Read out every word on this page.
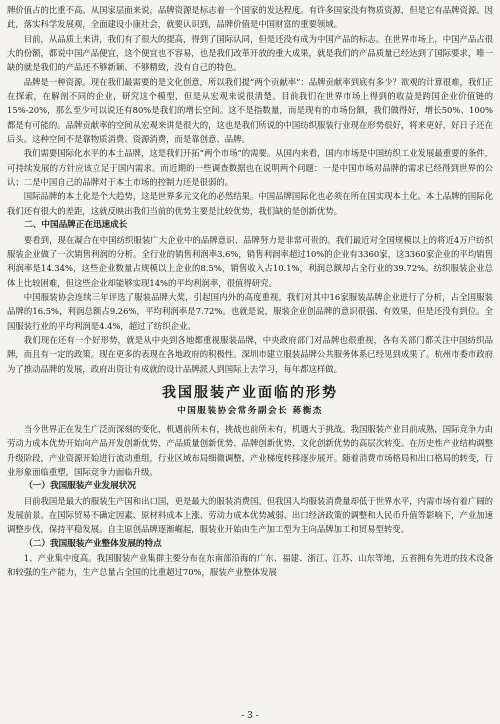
牌价值占的比重不高。从国家层面来说，品牌资源是标志着一个国家的发达程度。有许多国家没有物质资源，但是它有品牌资源。因此，落实科学发展观，全面建设小康社会，就要认识到，品牌价值是中国财富的重要领域。

目前，从品质上来讲，我们有了很大的提高，得到了国际认同，但是还没有成为中国产品的标志。在世界市场上，中国产品占很大的份额，都说中国产品便宜，这个便宜也不容易，也是我们改革开放的重大成果，就是我们的产品质量已经达到了国际要求，唯一缺的就是我们的产品还不够新颖、不够精致，没有自己的特色。

品牌是一种资源。现在我们最需要的是文化创意，所以我们提“两个贡献率”：品牌贡献率到底有多少？欲观的计算很难，我们正在探索，在解剖不同的企业，研究这个模型，但是从宏观来说很清楚。目前我们在世界市场上得到的收益是跨国企业价值链的15%-20%，那么至少可以说还有80%是我们的增长空间。这不是指数量，而是现有的市场份额，我们做得好，增长50%、100%都是有可能的。品牌贡献率的空间从宏观来讲是很大的，这也是我们所说的中国纺织服装行业现在形势很好，将来更好，好日子还在后头。这种空间不是靠物质消费、资源消费，而是靠创意、品牌。

我们需要国际化水平的本土品牌，这是我们开拓“两个市场”的需要。从国内来看，国内市场是中国纺织工业发展最重要的条件，可持续发展的方针应该立足于国内需求。而近期的一些调查数据也在说明两个问题：一是中国市场对品牌的需求已经得到世界的公认；二是中国自己的品牌对于本土市场的控制力还是很弱的。

国际品牌的本土化是个大趋势，这是世界多元文化的必然结果。中国品牌国际化也必须在所在国实现本土化。本土品牌的国际化我们还有很大的差距，这就反映出我们当前的优势主要是比较优势，我们缺的是创新优势。

二、中国品牌正在迅速成长

要看到，现在凝合在中国纺织服装广大企业中的品牌意识、品牌努力是非常可贵的。我们最近对全国规模以上的将近4万户纺织服装企业做了一次销售利润的分析。全行业的销售利润率3.6%，销售利润率超过10%的企业有3360家，这3360家企业的平均销售利润率是14.34%，这些企业数量占规模以上企业的8.5%，销售收入占10.1%，利润总额却占全行业的39.72%。纺织服装企业总体上比较困难，但这些企业却能够实现14%的平均利润率，很值得研究。

中国服装协会连续三年评选了服装品牌大奖，引起国内外的高度重视。我们对其中16家服装品牌企业进行了分析，占全国服装品牌的16.5%，利润总额占9.26%，平均利润率是7.72%。也就是说，服装企业创品牌的意识很强、有效果，但是还没有到位。全国服装行业的平均利润是4.4%，超过了纺织企业。

我们现在还有一个好形势，就是从中央到各地都重视服装品牌，中央政府部门对品牌也很重视，各有关部门都关注中国纺织品牌，而且有一定的政策。现在更多的表现在各地政府的积极性。深圳市建立服装品牌公共服务体系已经见到成果了。杭州市委市政府为了推动品牌的发展，政府出资让有成就的设计品牌派人到国际上去学习，每年都这样做。

我国服装产业面临的形势
中国服装协会常务副会长 蒋衡杰

当今世界正在发生广泛而深刻的变化，机遇前所未有，挑战也前所未有，机遇大于挑战。我国服装产业目前成熟，国际竞争力由劳动力成本优势开始向产品开发创新优势、产品质量创新优势、品牌创新优势、文化创新优势的高层次转变。在历史性产业结构调整升级阶段，产业资源开始进行流动重组，行业区域布局细微调整，产业梯度转移逐步展开。随着消费市场格局和出口格局的转变，行业形象面临重塑，国际竞争力面临升级。

（一）我国服装产业发展状况

目前我国是最大的服装生产国和出口国，更是最大的服装消费国。但我国人均服装消费量却低于世界水平，内需市场有着广阔的发展前景。在国际贸易不确定因素、原材料成本上涨、劳动力成本优势减弱、出口经济政策的调整和人民币升值等影响下，产业加速调整步伐，保持平稳发展。自主原创品牌逐渐崛起，服装业开始由生产加工型为主向品牌加工和贸易型转变。

（二）我国服装产业整体发展的特点

1、产业集中度高。我国服装产业集群主要分布在东南部沿海的广东、福建、浙江、江苏、山东等地，五省拥有先进的技术设备和较强的生产能力，生产总量占全国的比重超过70%，服装产业整体发展

- 3 -
